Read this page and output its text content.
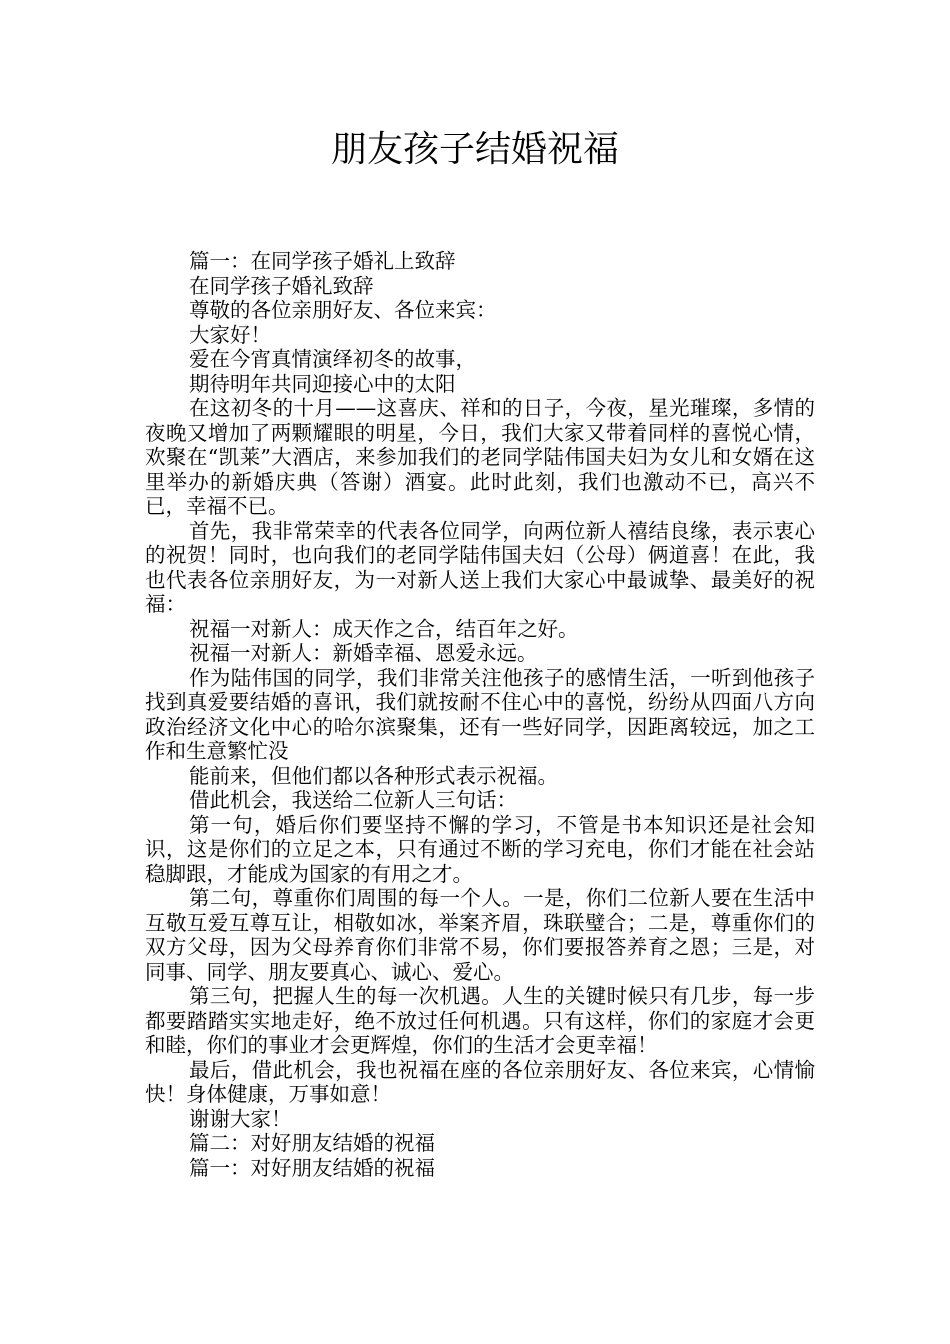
朋友孩子结婚祝福

篇一：在同学孩子婚礼上致辞

在同学孩子婚礼致辞

尊敬的各位亲朋好友、各位来宾：

大家好！

爱在今宵真情演绎初冬的故事，

期待明年共同迎接心中的太阳

在这初冬的十月——这喜庆、祥和的日子，今夜，星光璀璨，多情的夜晚又增加了两颗耀眼的明星，今日，我们大家又带着同样的喜悦心情，欢聚在“凯莱”大酒店，来参加我们的老同学陆伟国夫妇为女儿和女婿在这里举办的新婚庆典（答谢）酒宴。此时此刻，我们也激动不已，高兴不已，幸福不已。

首先，我非常荣幸的代表各位同学，向两位新人禧结良缘，表示衷心的祝贺！同时，也向我们的老同学陆伟国夫妇（公母）俩道喜！在此，我也代表各位亲朋好友，为一对新人送上我们大家心中最诚挚、最美好的祝福：

祝福一对新人：成天作之合，结百年之好。

祝福一对新人：新婚幸福、恩爱永远。

作为陆伟国的同学，我们非常关注他孩子的感情生活，一听到他孩子找到真爱要结婚的喜讯，我们就按耐不住心中的喜悦，纷纷从四面八方向政治经济文化中心的哈尔滨聚集，还有一些好同学，因距离较远，加之工作和生意繁忙没

能前来，但他们都以各种形式表示祝福。

借此机会，我送给二位新人三句话：

第一句，婚后你们要坚持不懈的学习，不管是书本知识还是社会知识，这是你们的立足之本，只有通过不断的学习充电，你们才能在社会站稳脚跟，才能成为国家的有用之才。

第二句，尊重你们周围的每一个人。一是，你们二位新人要在生活中互敬互爱互尊互让，相敬如冰，举案齐眉，珠联璧合；二是，尊重你们的双方父母，因为父母养育你们非常不易，你们要报答养育之恩；三是，对同事、同学、朋友要真心、诚心、爱心。

第三句，把握人生的每一次机遇。人生的关键时候只有几步，每一步都要踏踏实实地走好，绝不放过任何机遇。只有这样，你们的家庭才会更和睦，你们的事业才会更辉煌，你们的生活才会更幸福！

最后，借此机会，我也祝福在座的各位亲朋好友、各位来宾，心情愉快！身体健康，万事如意！

谢谢大家！

篇二：对好朋友结婚的祝福

篇一：对好朋友结婚的祝福
